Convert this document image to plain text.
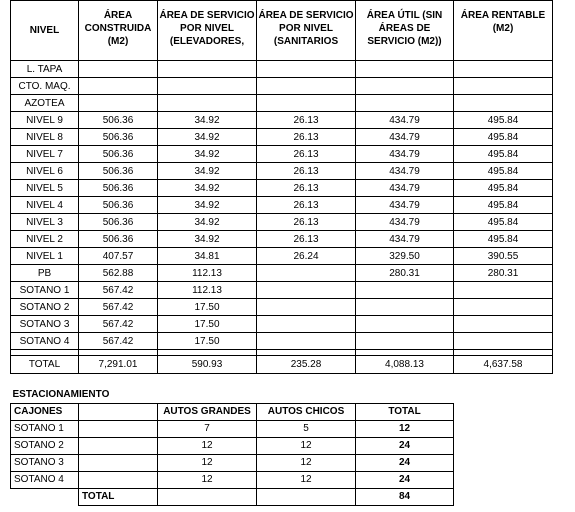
NIVEL	ÁREA CONSTRUIDA (M2)	ÁREA DE SERVICIO POR NIVEL (ELEVADORES,	ÁREA DE SERVICIO POR NIVEL (SANITARIOS	ÁREA ÚTIL (SIN ÁREAS DE SERVICIO (M2))	ÁREA RENTABLE (M2)
L. TAPA					
CTO. MAQ.					
AZOTEA					
NIVEL 9	506.36	34.92	26.13	434.79	495.84
NIVEL 8	506.36	34.92	26.13	434.79	495.84
NIVEL 7	506.36	34.92	26.13	434.79	495.84
NIVEL 6	506.36	34.92	26.13	434.79	495.84
NIVEL 5	506.36	34.92	26.13	434.79	495.84
NIVEL 4	506.36	34.92	26.13	434.79	495.84
NIVEL 3	506.36	34.92	26.13	434.79	495.84
NIVEL 2	506.36	34.92	26.13	434.79	495.84
NIVEL 1	407.57	34.81	26.24	329.50	390.55
PB	562.88	112.13		280.31	280.31
SOTANO 1	567.42	112.13			
SOTANO 2	567.42	17.50			
SOTANO 3	567.42	17.50			
SOTANO 4	567.42	17.50			

TOTAL	7,291.01	590.93	235.28	4,088.13	4,637.58
ESTACIONAMIENTO				
CAJONES		AUTOS GRANDES	AUTOS CHICOS	TOTAL
SOTANO 1		7	5	12
SOTANO 2		12	12	24
SOTANO 3		12	12	24
SOTANO 4		12	12	24
	TOTAL			84
